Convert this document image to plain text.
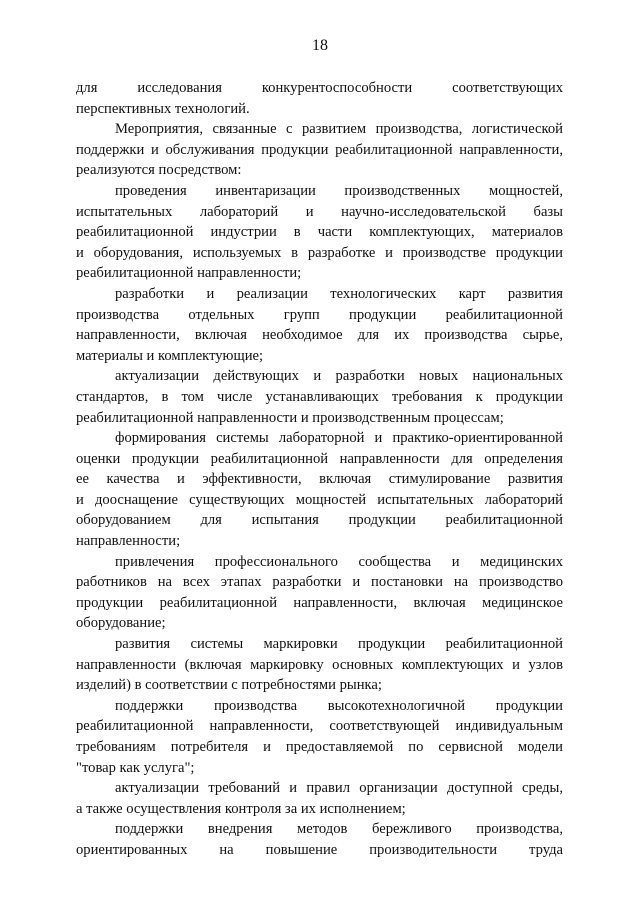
18
для исследования конкурентоспособности соответствующих
перспективных технологий.
Мероприятия, связанные с развитием производства, логистической
поддержки и обслуживания продукции реабилитационной направленности,
реализуются посредством:
проведения инвентаризации производственных мощностей,
испытательных лабораторий и научно-исследовательской базы
реабилитационной индустрии в части комплектующих, материалов
и оборудования, используемых в разработке и производстве продукции
реабилитационной направленности;
разработки и реализации технологических карт развития
производства отдельных групп продукции реабилитационной
направленности, включая необходимое для их производства сырье,
материалы и комплектующие;
актуализации действующих и разработки новых национальных
стандартов, в том числе устанавливающих требования к продукции
реабилитационной направленности и производственным процессам;
формирования системы лабораторной и практико-ориентированной
оценки продукции реабилитационной направленности для определения
ее качества и эффективности, включая стимулирование развития
и дооснащение существующих мощностей испытательных лабораторий
оборудованием для испытания продукции реабилитационной
направленности;
привлечения профессионального сообщества и медицинских
работников на всех этапах разработки и постановки на производство
продукции реабилитационной направленности, включая медицинское
оборудование;
развития системы маркировки продукции реабилитационной
направленности (включая маркировку основных комплектующих и узлов
изделий) в соответствии с потребностями рынка;
поддержки производства высокотехнологичной продукции
реабилитационной направленности, соответствующей индивидуальным
требованиям потребителя и предоставляемой по сервисной модели
"товар как услуга";
актуализации требований и правил организации доступной среды,
а также осуществления контроля за их исполнением;
поддержки внедрения методов бережливого производства,
ориентированных на повышение производительности труда
